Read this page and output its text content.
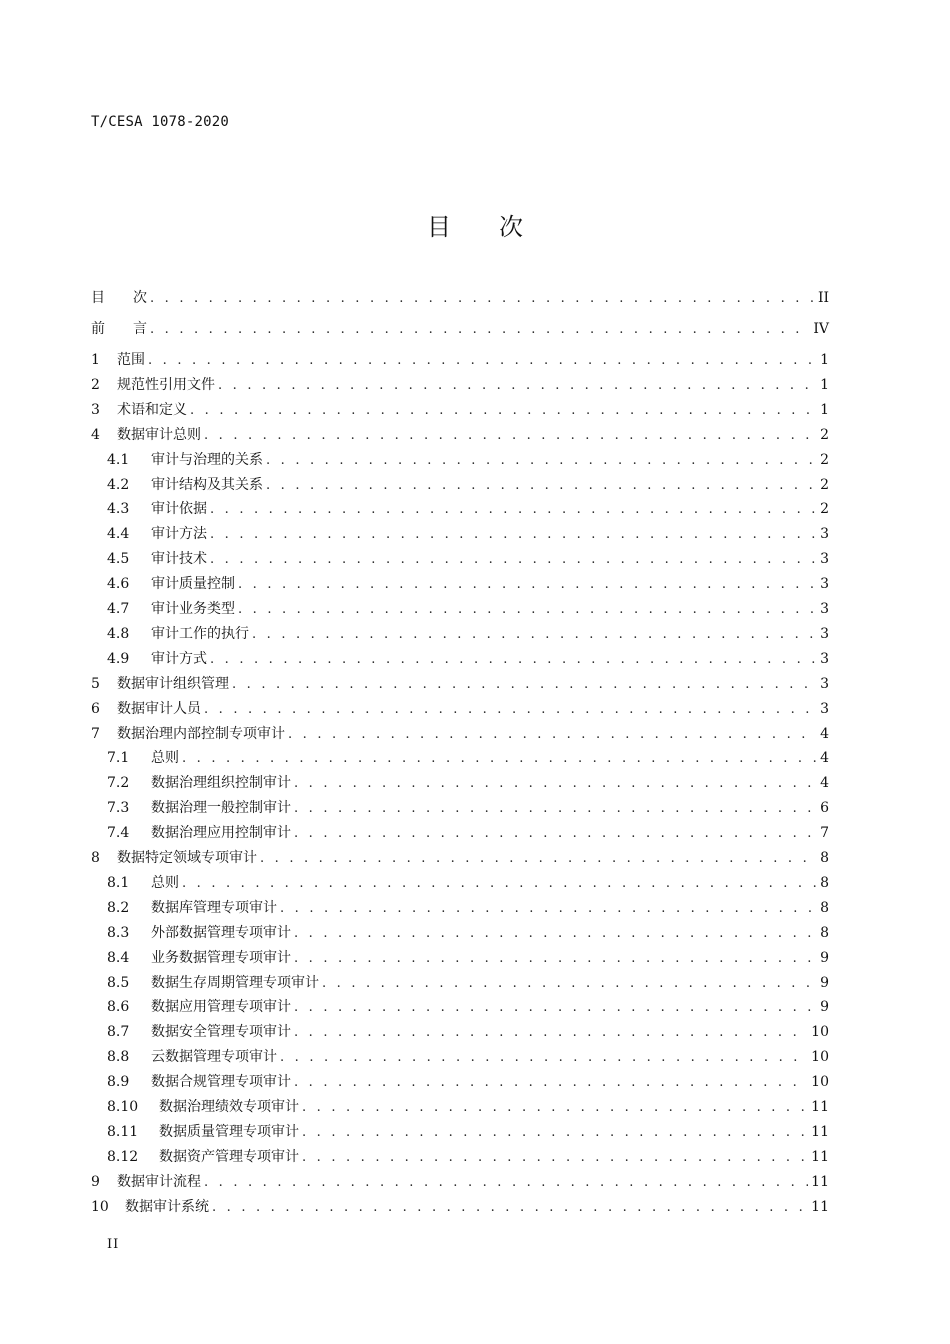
T/CESA 1078-2020
目 次
目　　次 . . .	II
前　　言 . . .	IV
1	范围 . . .	1
2	规范性引用文件 . . .	1
3	术语和定义 . . .	1
4	数据审计总则 . . .	2
4.1	审计与治理的关系 . . .	2
4.2	审计结构及其关系 . . .	2
4.3	审计依据 . . .	2
4.4	审计方法 . . .	3
4.5	审计技术 . . .	3
4.6	审计质量控制 . . .	3
4.7	审计业务类型 . . .	3
4.8	审计工作的执行 . . .	3
4.9	审计方式 . . .	3
5	数据审计组织管理 . . .	3
6	数据审计人员 . . .	3
7	数据治理内部控制专项审计 . . .	4
7.1	总则 . . .	4
7.2	数据治理组织控制审计 . . .	4
7.3	数据治理一般控制审计 . . .	6
7.4	数据治理应用控制审计 . . .	7
8	数据特定领域专项审计 . . .	8
8.1	总则 . . .	8
8.2	数据库管理专项审计 . . .	8
8.3	外部数据管理专项审计 . . .	8
8.4	业务数据管理专项审计 . . .	9
8.5	数据生存周期管理专项审计 . . .	9
8.6	数据应用管理专项审计 . . .	9
8.7	数据安全管理专项审计 . . .	10
8.8	云数据管理专项审计 . . .	10
8.9	数据合规管理专项审计 . . .	10
8.10	数据治理绩效专项审计 . . .	11
8.11	数据质量管理专项审计 . . .	11
8.12	数据资产管理专项审计 . . .	11
9	数据审计流程 . . .	11
10	数据审计系统 . . .	11
II
